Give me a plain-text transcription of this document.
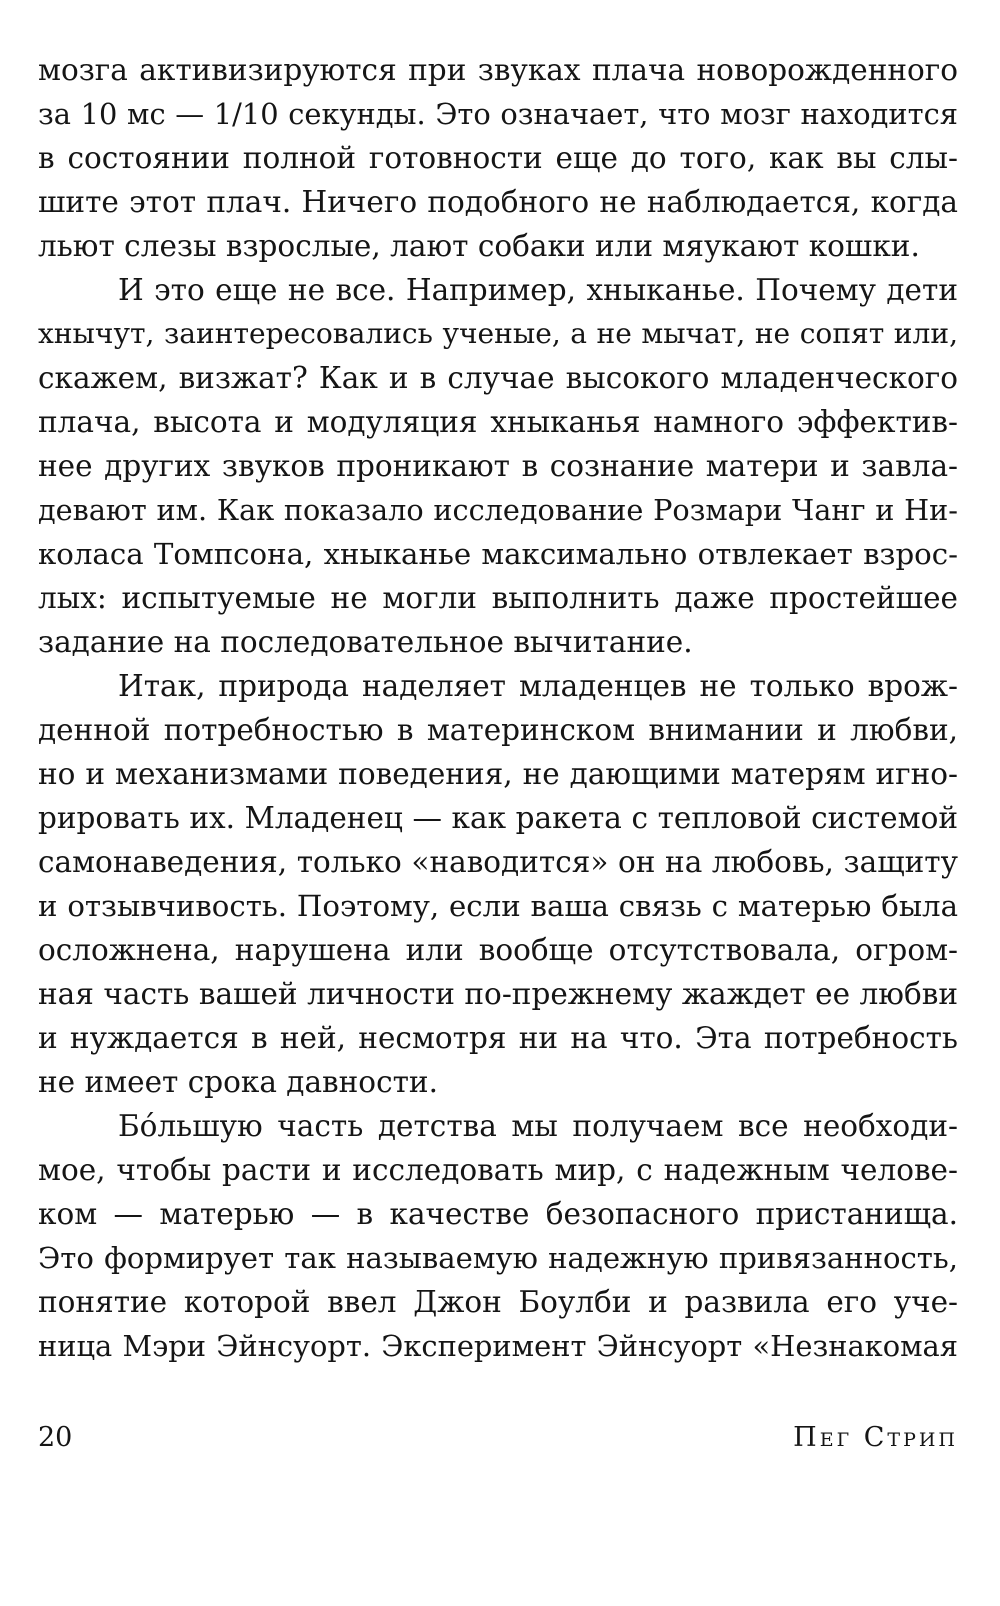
мозга активизируются при звуках плача новорожденного
за 10 мс — 1/10 секунды. Это означает, что мозг находится
в состоянии полной готовности еще до того, как вы слы-
шите этот плач. Ничего подобного не наблюдается, когда
льют слезы взрослые, лают собаки или мяукают кошки.
И это еще не все. Например, хныканье. Почему дети
хнычут, заинтересовались ученые, а не мычат, не сопят или,
скажем, визжат? Как и в случае высокого младенческого
плача, высота и модуляция хныканья намного эффектив-
нее других звуков проникают в сознание матери и завла-
девают им. Как показало исследование Розмари Чанг и Ни-
коласа Томпсона, хныканье максимально отвлекает взрос-
лых: испытуемые не могли выполнить даже простейшее
задание на последовательное вычитание.
Итак, природа наделяет младенцев не только врож-
денной потребностью в материнском внимании и любви,
но и механизмами поведения, не дающими матерям игно-
рировать их. Младенец — как ракета с тепловой системой
самонаведения, только «наводится» он на любовь, защиту
и отзывчивость. Поэтому, если ваша связь с матерью была
осложнена, нарушена или вообще отсутствовала, огром-
ная часть вашей личности по-прежнему жаждет ее любви
и нуждается в ней, несмотря ни на что. Эта потребность
не имеет срока давности.
Бóльшую часть детства мы получаем все необходи-
мое, чтобы расти и исследовать мир, с надежным челове-
ком — матерью — в качестве безопасного пристанища.
Это формирует так называемую надежную привязанность,
понятие которой ввел Джон Боулби и развила его уче-
ница Мэри Эйнсуорт. Эксперимент Эйнсуорт «Незнакомая
20	Пег Стрип
